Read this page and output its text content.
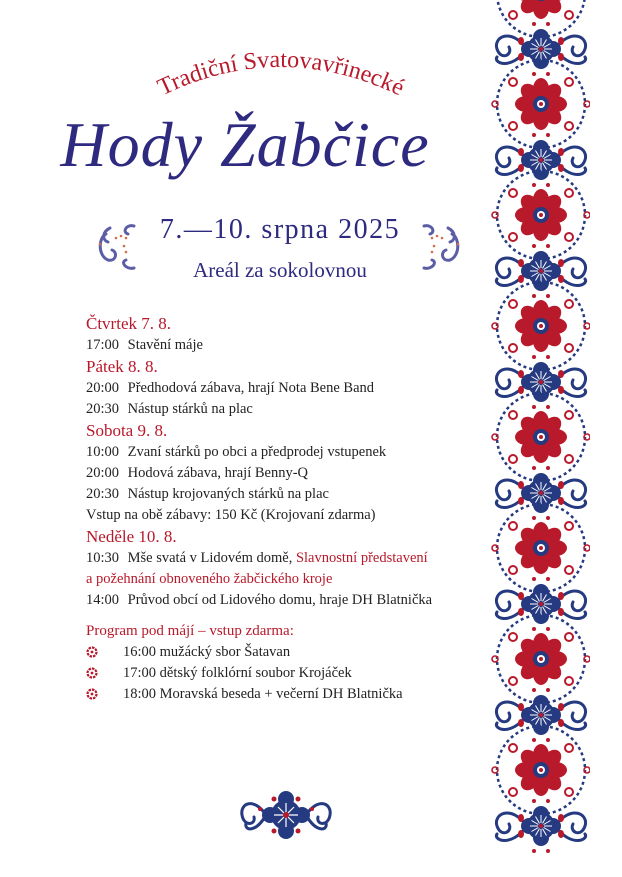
Tradiční Svatovavřinecké
Hody Žabčice
7.—10. srpna 2025
Areál za sokolovnou
Čtvrtek 7. 8.
17:00 Stavění máje
Pátek 8. 8.
20:00 Předhodová zábava, hrají Nota Bene Band
20:30 Nástup stárků na plac
Sobota 9. 8.
10:00 Zvaní stárků po obci a předprodej vstupenek
20:00 Hodová zábava, hrají Benny-Q
20:30 Nástup krojovaných stárků na plac
Vstup na obě zábavy: 150 Kč (Krojovaní zdarma)
Neděle 10. 8.
10:30 Mše svatá v Lidovém domě, Slavnostní představení
a požehnání obnoveného žabčického kroje
14:00 Průvod obcí od Lidového domu, hraje DH Blatnička
Program pod májí – vstup zdarma:
16:00 mužácký sbor Šatavan
17:00 dětský folklórní soubor Krojáček
18:00 Moravská beseda + večerní DH Blatnička
